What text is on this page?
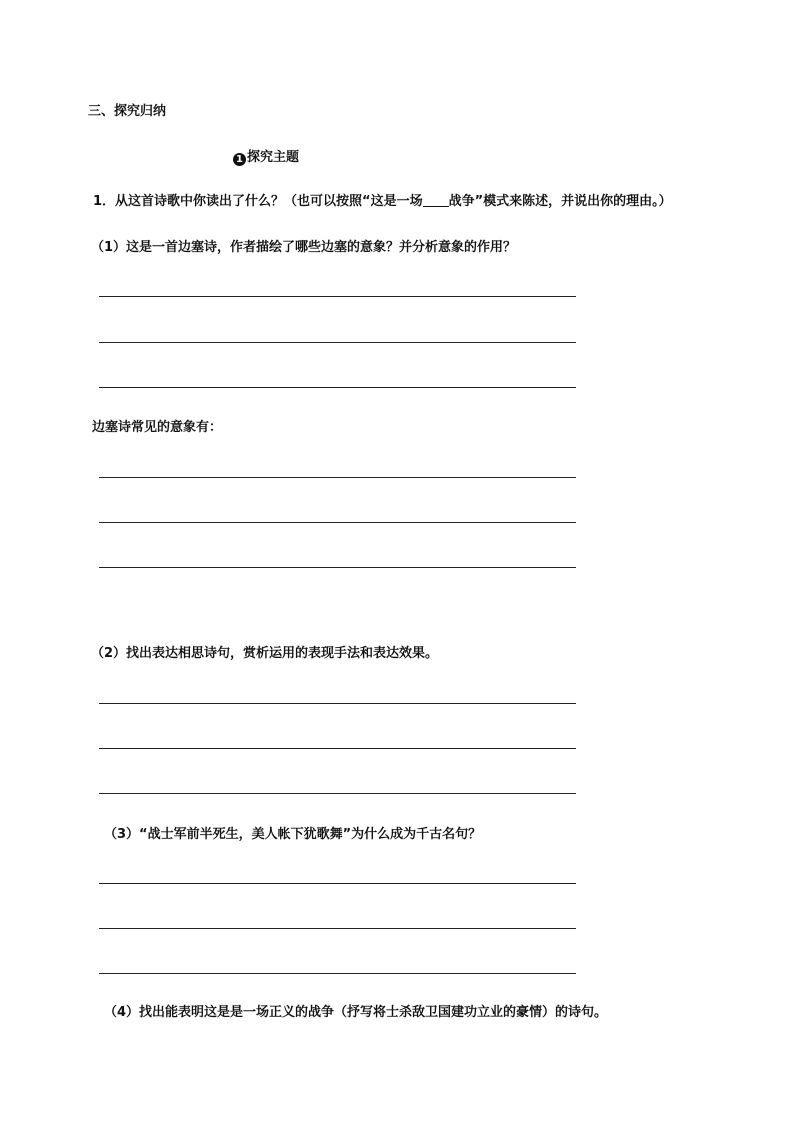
三、探究归纳
1 探究主题
1．从这首诗歌中你读出了什么？（也可以按照“这是一场 战争”模式来陈述，并说出你的理由。）
（1）这是一首边塞诗，作者描绘了哪些边塞的意象？并分析意象的作用？
边塞诗常见的意象有：
（2）找出表达相思诗句，赏析运用的表现手法和表达效果。
（3）“战士军前半死生，美人帐下犹歌舞”为什么成为千古名句？
（4）找出能表明这是是一场正义的战争（抒写将士杀敌卫国建功立业的豪情）的诗句。
